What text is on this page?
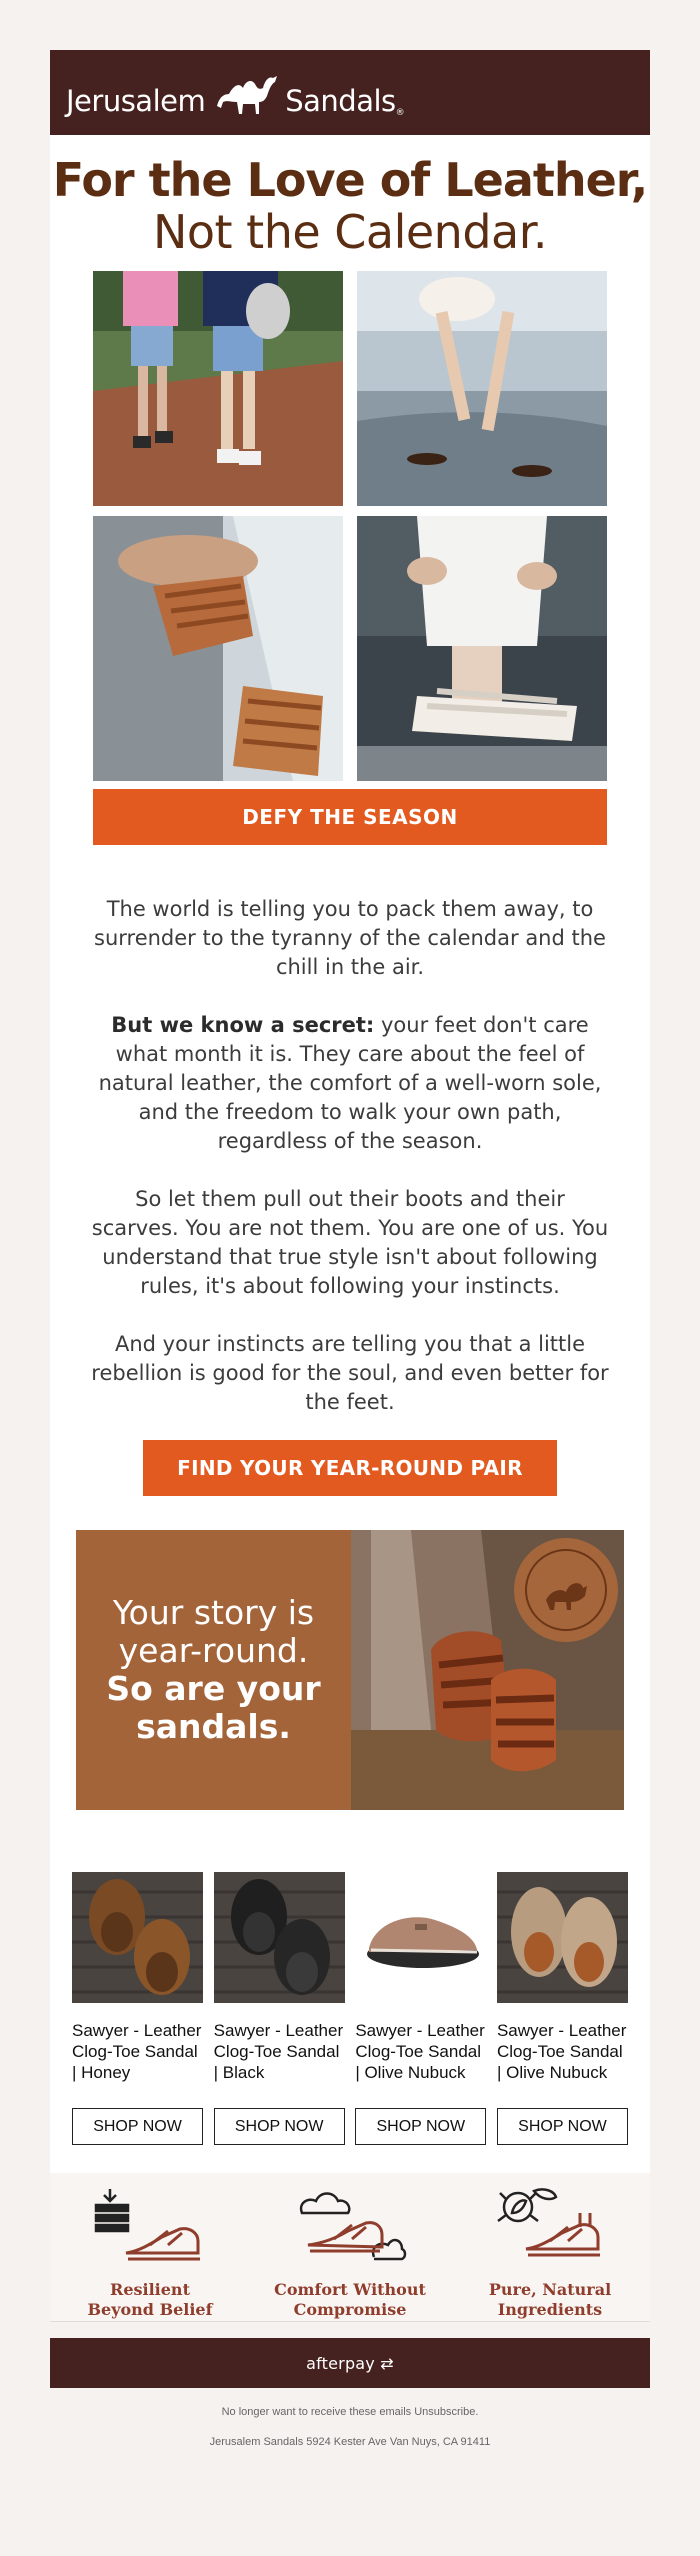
Jerusalem	Sandals$_®$
For the Love of Leather,
Not the Calendar.
DEFY THE SEASON

The world is telling you to pack them away, to surrender to the tyranny of the calendar and the chill in the air.

But we know a secret: your feet don't care what month it is. They care about the feel of natural leather, the comfort of a well-worn sole, and the freedom to walk your own path, regardless of the season.

So let them pull out their boots and their scarves. You are not them. You are one of us. You understand that true style isn't about following rules, it's about following your instincts.

And your instincts are telling you that a little rebellion is good for the soul, and even better for the feet.

FIND YOUR YEAR-ROUND PAIR
Your story is
year-round.
So are your
sandals.
Sawyer - Leather Clog-Toe Sandal | Honey
SHOP NOW
Sawyer - Leather Clog-Toe Sandal | Black
SHOP NOW
Sawyer - Leather Clog-Toe Sandal | Olive Nubuck
SHOP NOW
Sawyer - Leather Clog-Toe Sandal | Olive Nubuck
SHOP NOW
Resilient
Beyond Belief
Comfort Without
Compromise
Pure, Natural
Ingredients
afterpay ⇄
No longer want to receive these emails Unsubscribe.
Jerusalem Sandals 5924 Kester Ave Van Nuys, CA 91411
